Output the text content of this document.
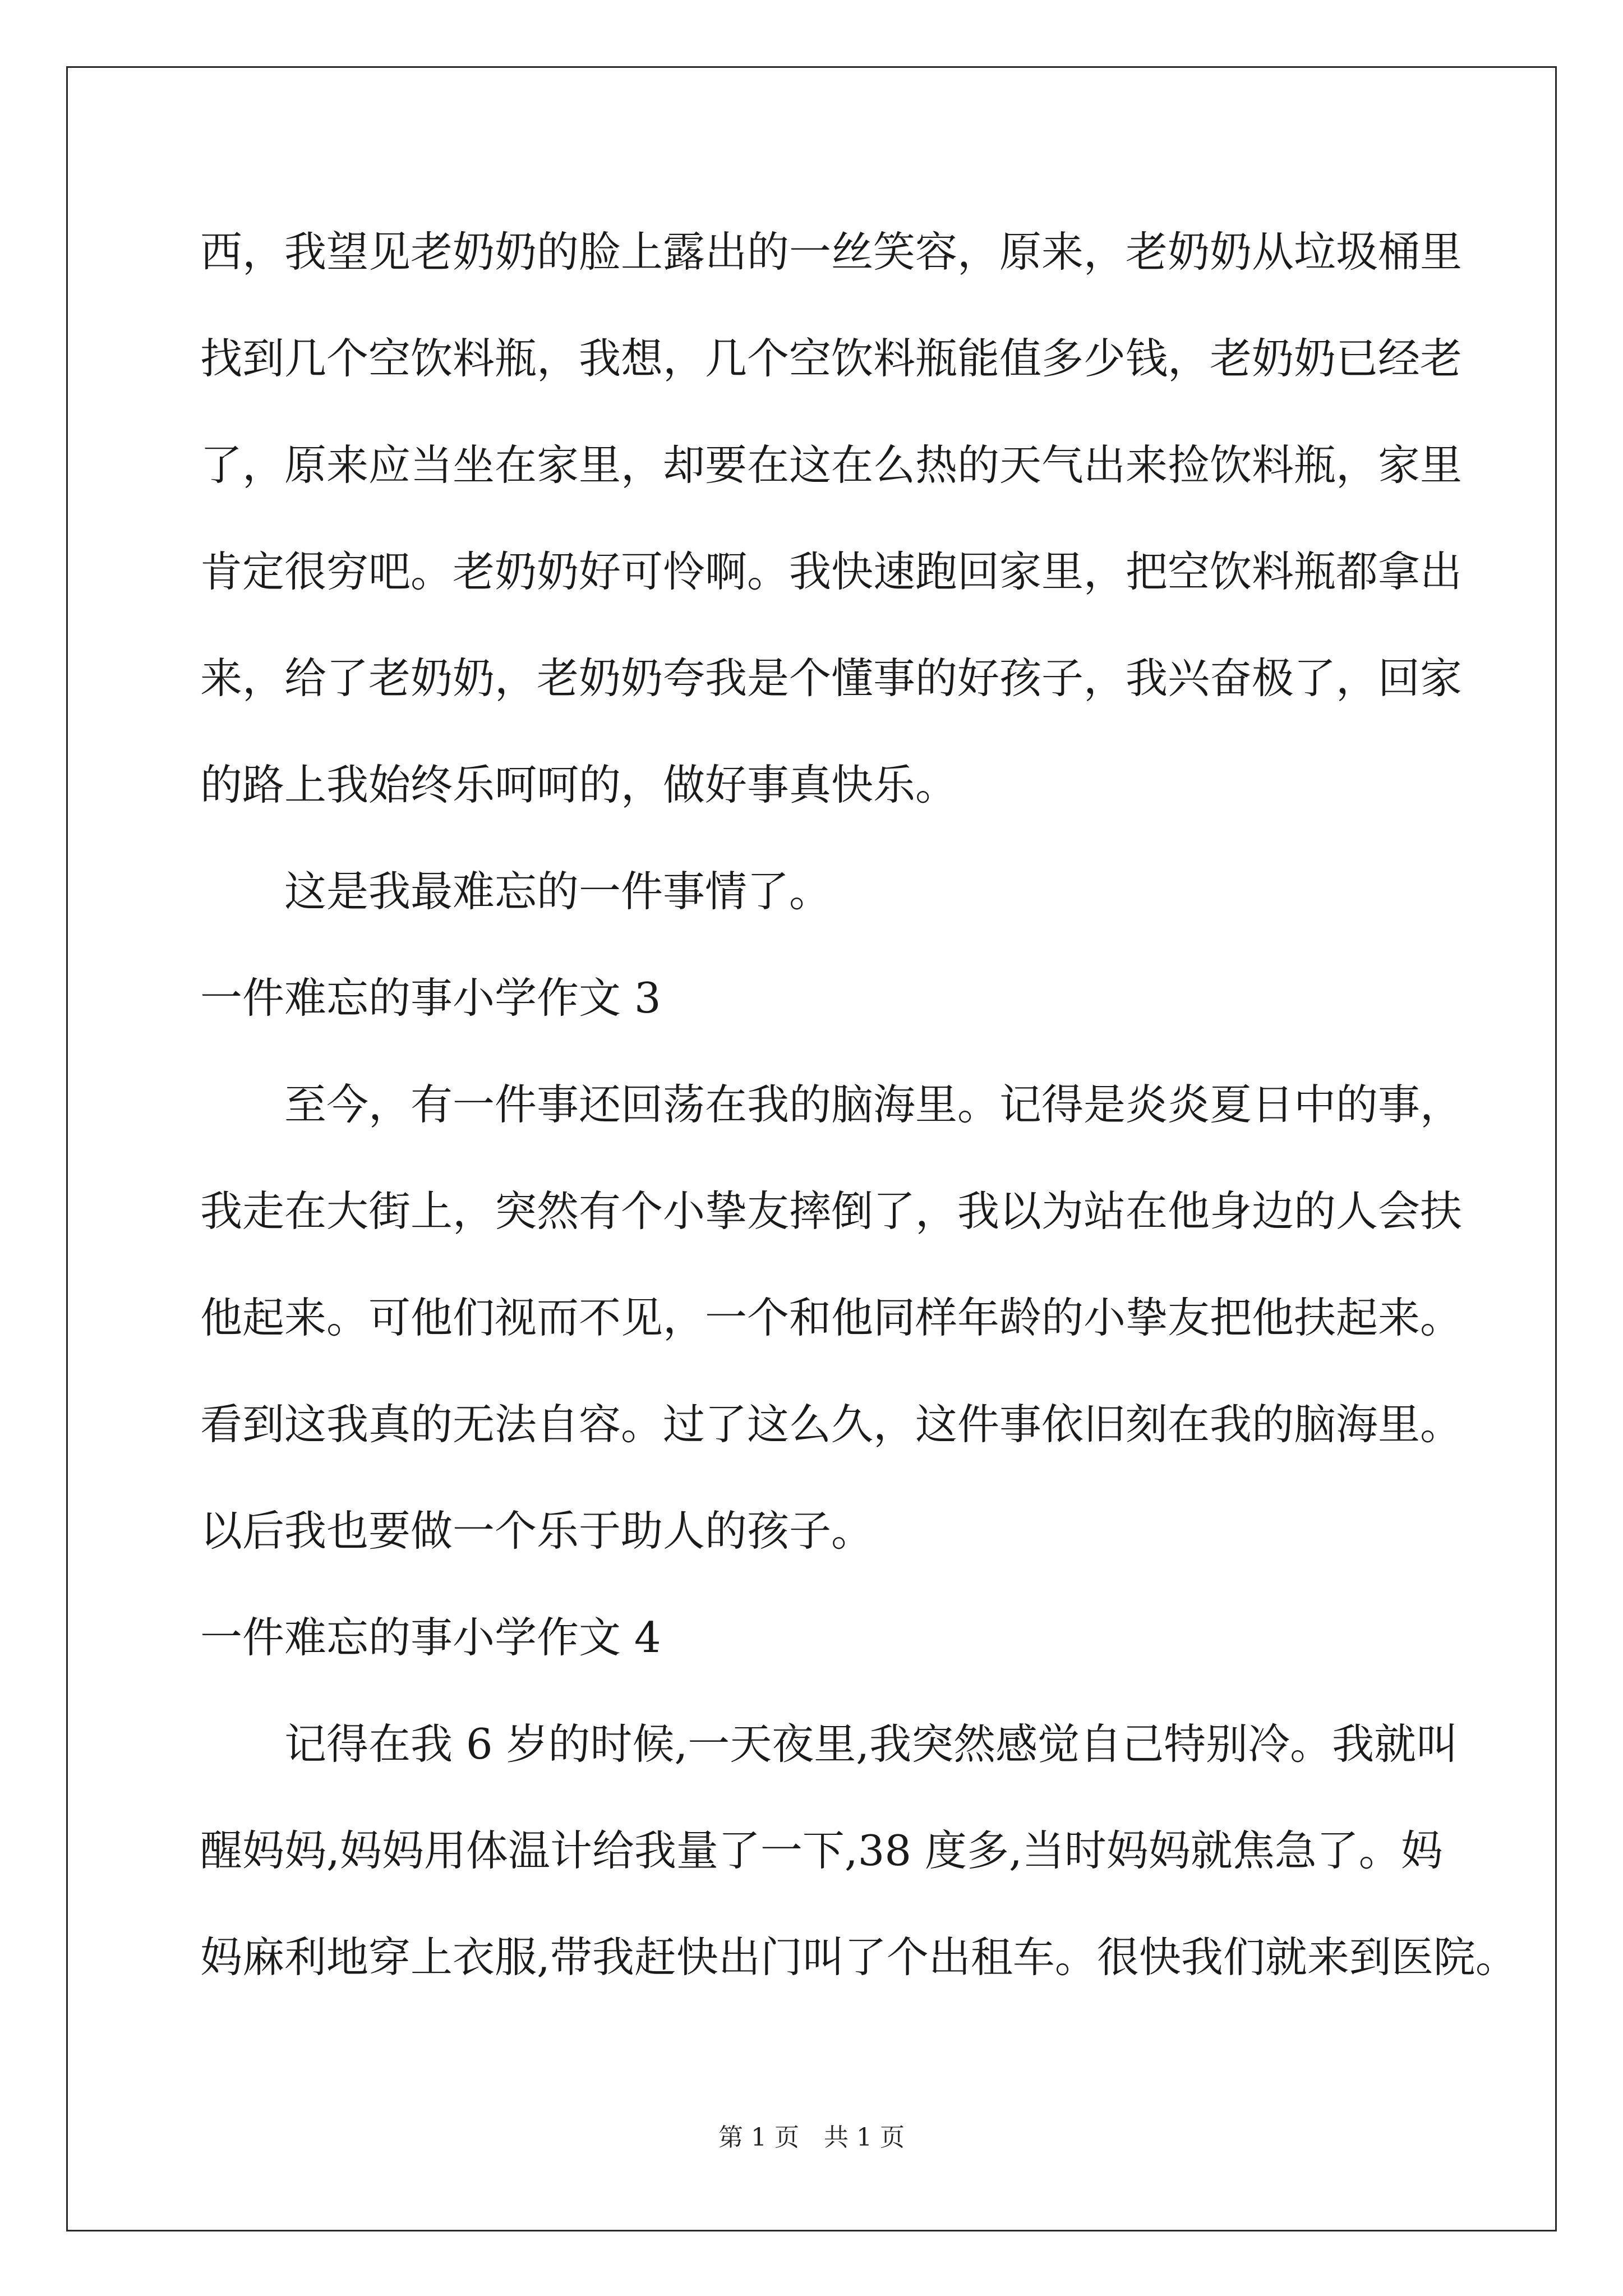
西，我望见老奶奶的脸上露出的一丝笑容，原来，老奶奶从垃圾桶里
找到几个空饮料瓶，我想，几个空饮料瓶能值多少钱，老奶奶已经老
了，原来应当坐在家里，却要在这在么热的天气出来捡饮料瓶，家里
肯定很穷吧。老奶奶好可怜啊。我快速跑回家里，把空饮料瓶都拿出
来，给了老奶奶，老奶奶夸我是个懂事的好孩子，我兴奋极了，回家
的路上我始终乐呵呵的，做好事真快乐。
这是我最难忘的一件事情了。
一件难忘的事小学作文 3
至今，有一件事还回荡在我的脑海里。记得是炎炎夏日中的事，
我走在大街上，突然有个小挚友摔倒了，我以为站在他身边的人会扶
他起来。可他们视而不见，一个和他同样年龄的小挚友把他扶起来。
看到这我真的无法自容。过了这么久，这件事依旧刻在我的脑海里。
以后我也要做一个乐于助人的孩子。
一件难忘的事小学作文 4
记得在我 6 岁的时候,一天夜里,我突然感觉自己特别冷。我就叫
醒妈妈,妈妈用体温计给我量了一下,38 度多,当时妈妈就焦急了。妈
妈麻利地穿上衣服,带我赶快出门叫了个出租车。很快我们就来到医院。
第 1 页　共 1 页
